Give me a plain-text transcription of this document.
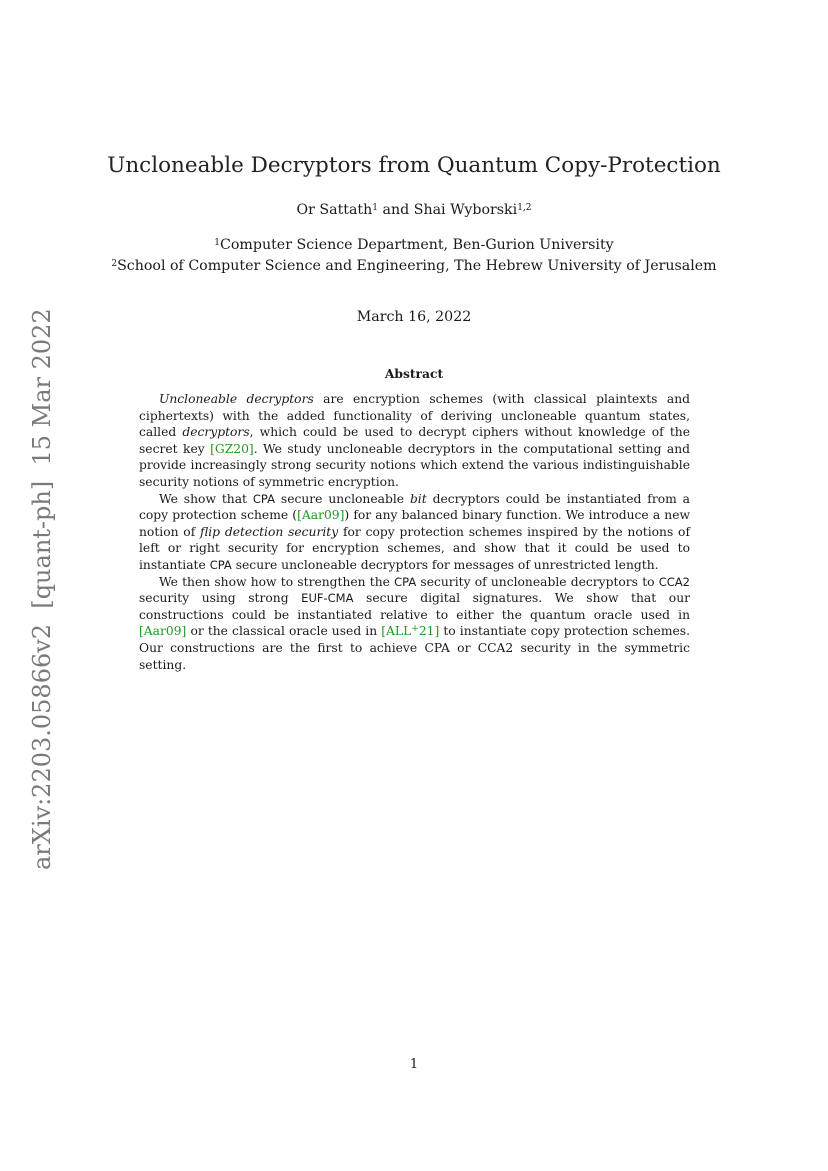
arXiv:2203.05866v2  [quant-ph]  15 Mar 2022
Uncloneable Decryptors from Quantum Copy-Protection
Or Sattath$^1$ and Shai Wyborski$^{1,2}$
$^1$Computer Science Department, Ben-Gurion University
$^2$School of Computer Science and Engineering, The Hebrew University of Jerusalem
March 16, 2022
Abstract

Uncloneable decryptors are encryption schemes (with classical plaintexts and ciphertexts) with the added functionality of deriving uncloneable quantum states, called decryptors, which could be used to decrypt ciphers without knowledge of the secret key [GZ20]. We study uncloneable decryptors in the computational setting and provide increasingly strong security notions which extend the various indistinguishable security notions of symmetric encryption.

We show that CPA secure uncloneable bit decryptors could be instantiated from a copy protection scheme ([Aar09]) for any balanced binary function. We introduce a new notion of flip detection security for copy protection schemes inspired by the notions of left or right security for encryption schemes, and show that it could be used to instantiate CPA secure uncloneable decryptors for messages of unrestricted length.

We then show how to strengthen the CPA security of uncloneable decryptors to CCA2 security using strong EUF-CMA secure digital signatures. We show that our constructions could be instantiated relative to either the quantum oracle used in [Aar09] or the classical oracle used in [ALL+21] to instantiate copy protection schemes. Our constructions are the first to achieve CPA or CCA2 security in the symmetric setting.

1
